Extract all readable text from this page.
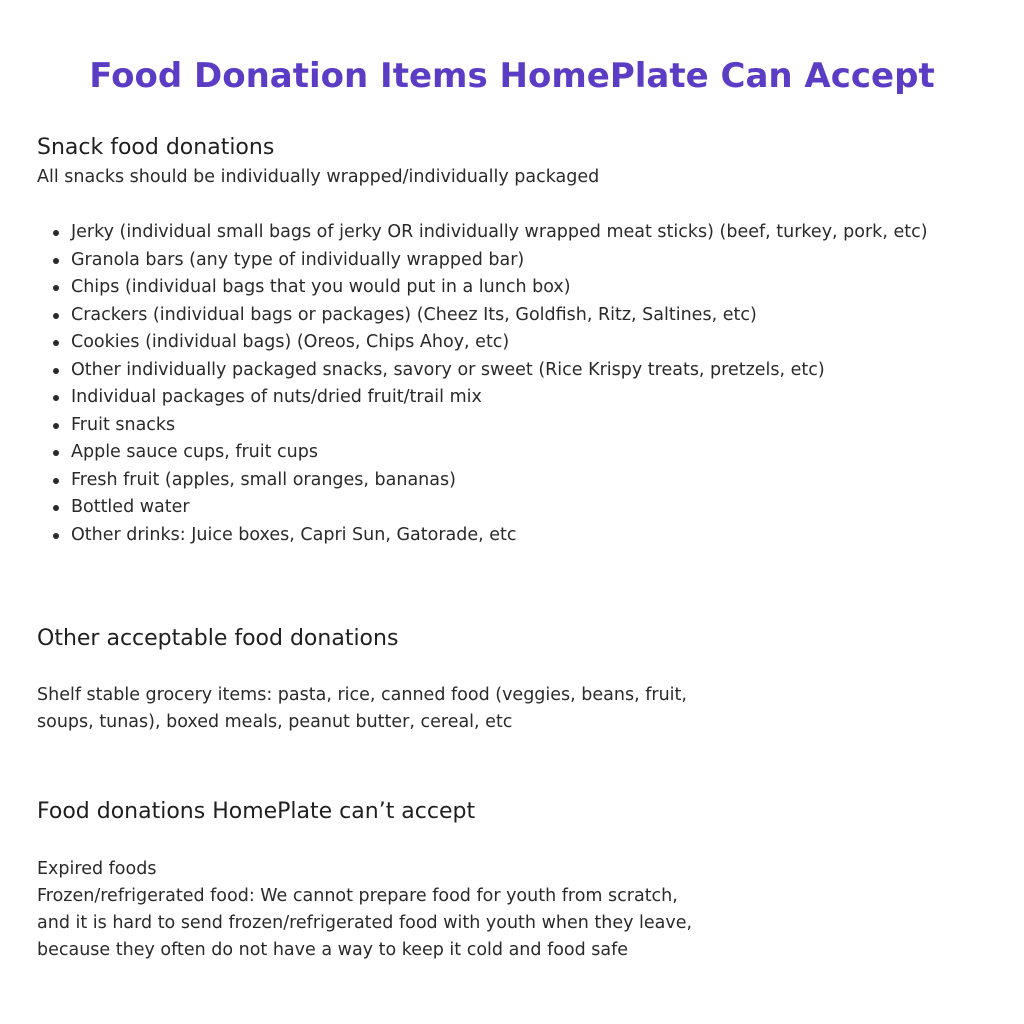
Food Donation Items HomePlate Can Accept
Snack food donations

All snacks should be individually wrapped/individually packaged

Jerky (individual small bags of jerky OR individually wrapped meat sticks) (beef, turkey, pork, etc)
Granola bars (any type of individually wrapped bar)
Chips (individual bags that you would put in a lunch box)
Crackers (individual bags or packages) (Cheez Its, Goldfish, Ritz, Saltines, etc)
Cookies (individual bags) (Oreos, Chips Ahoy, etc)
Other individually packaged snacks, savory or sweet (Rice Krispy treats, pretzels, etc)
Individual packages of nuts/dried fruit/trail mix
Fruit snacks
Apple sauce cups, fruit cups
Fresh fruit (apples, small oranges, bananas)
Bottled water
Other drinks: Juice boxes, Capri Sun, Gatorade, etc
Other acceptable food donations

Shelf stable grocery items: pasta, rice, canned food (veggies, beans, fruit,

soups, tunas), boxed meals, peanut butter, cereal, etc

Food donations HomePlate can’t accept

Expired foods

Frozen/refrigerated food: We cannot prepare food for youth from scratch,

and it is hard to send frozen/refrigerated food with youth when they leave,

because they often do not have a way to keep it cold and food safe
